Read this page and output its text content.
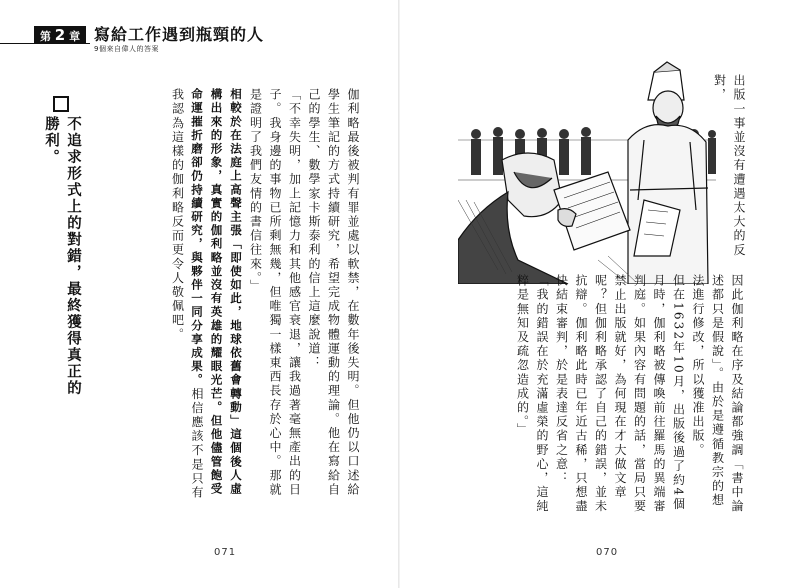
第 2 章 寫給工作遇到瓶頸的人
9個來自偉人的答案
不追求形式上的對錯，最終獲得真正的勝利。	伽利略最後被判有罪並處以軟禁，在數年後失明。但他仍以口述給學生筆記的方式持續研究，希望完成物體運動的理論。他在寫給自己的學生、數學家卡斯泰利的信上這麼說道：

「不幸失明，加上記憶力和其他感官衰退，讓我過著毫無產出的日子。我身邊的事物已所剩無幾，但唯獨一樣東西長存於心中。那就是證明了我們友情的書信往來。」

相較於在法庭上高聲主張「即使如此，地球依舊會轉動」這個後人虛構出來的形象，真實的伽利略並沒有英雄的耀眼光芒。但他儘管飽受命運摧折磨卻仍持續研究，與夥伴一同分享成果。相信應該不是只有我認為這樣的伽利略反而更令人敬佩吧。

071
出版一事並沒有遭遇太大的反對，

因此伽利略在序及結論都強調「書中論述都只是假說」。由於是遵循教宗的想法進行修改，所以獲准出版。

但在1632年10月，出版後過了約4個月時，伽利略被傳喚前往羅馬的異端審判庭。如果內容有問題的話，當局只要禁止出版就好，為何現在才大做文章呢？但伽利略承認了自己的錯誤，並未抗辯。伽利略此時已年近古稀，只想盡快結束審判，於是表達反省之意：

「我的錯誤在於充滿虛榮的野心，這純粹是無知及疏忽造成的。」

070
